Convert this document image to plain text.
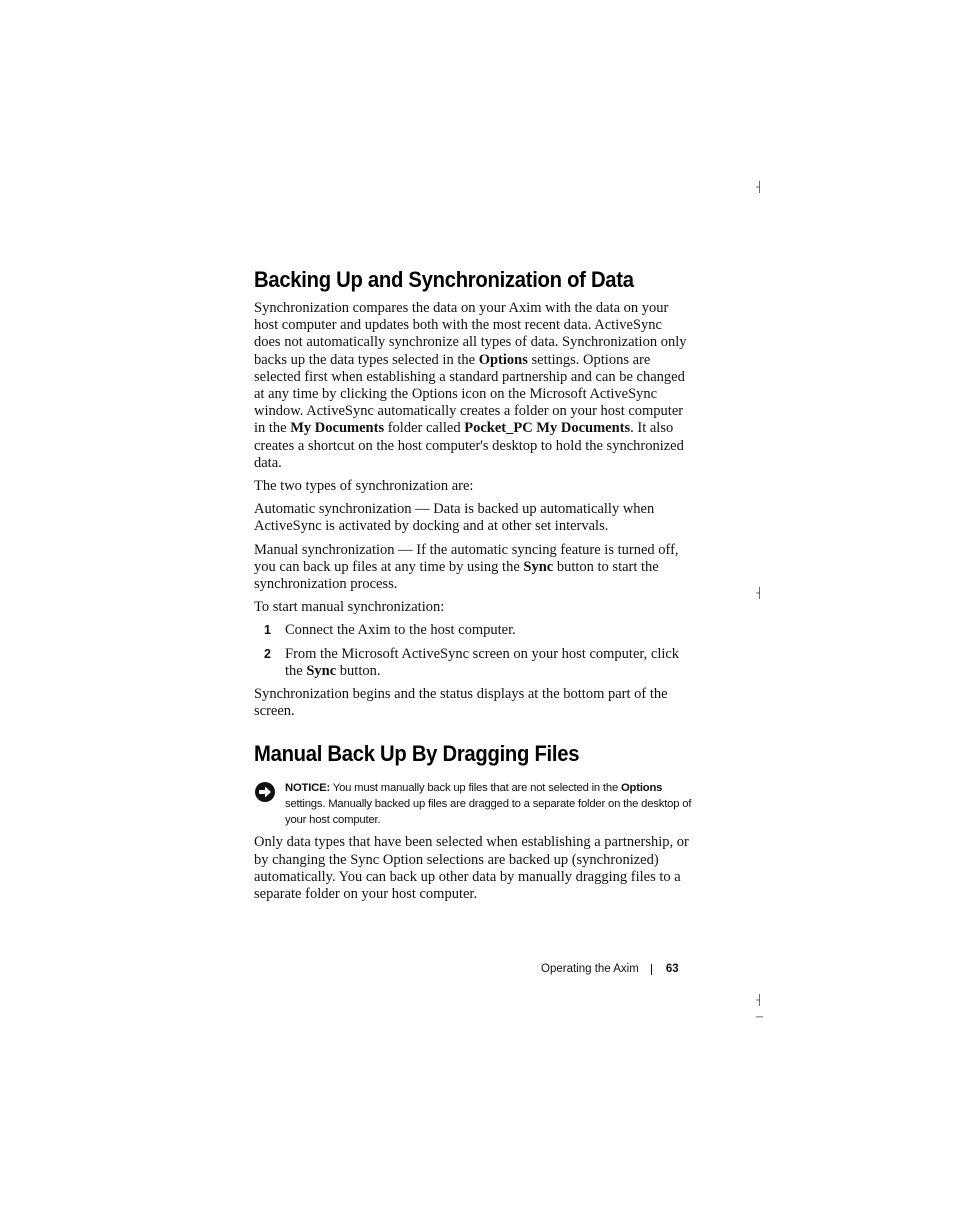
┤
┤
┤
─
Backing Up and Synchronization of Data

Synchronization compares the data on your Axim with the data on your host computer and updates both with the most recent data. ActiveSync does not automatically synchronize all types of data. Synchronization only backs up the data types selected in the Options settings. Options are selected first when establishing a standard partnership and can be changed at any time by clicking the Options icon on the Microsoft ActiveSync window. ActiveSync automatically creates a folder on your host computer in the My Documents folder called Pocket_PC My Documents. It also creates a shortcut on the host computer's desktop to hold the synchronized data.

The two types of synchronization are:

Automatic synchronization — Data is backed up automatically when ActiveSync is activated by docking and at other set intervals.

Manual synchronization — If the automatic syncing feature is turned off, you can back up files at any time by using the Sync button to start the synchronization process.

To start manual synchronization:

1 Connect the Axim to the host computer.
2 From the Microsoft ActiveSync screen on your host computer, click the Sync button.

Synchronization begins and the status displays at the bottom part of the screen.

Manual Back Up By Dragging Files
NOTICE: You must manually back up files that are not selected in the Options settings. Manually backed up files are dragged to a separate folder on the desktop of your host computer.

Only data types that have been selected when establishing a partnership, or by changing the Sync Option selections are backed up (synchronized) automatically. You can back up other data by manually dragging files to a separate folder on your host computer.

Operating the Axim 63
